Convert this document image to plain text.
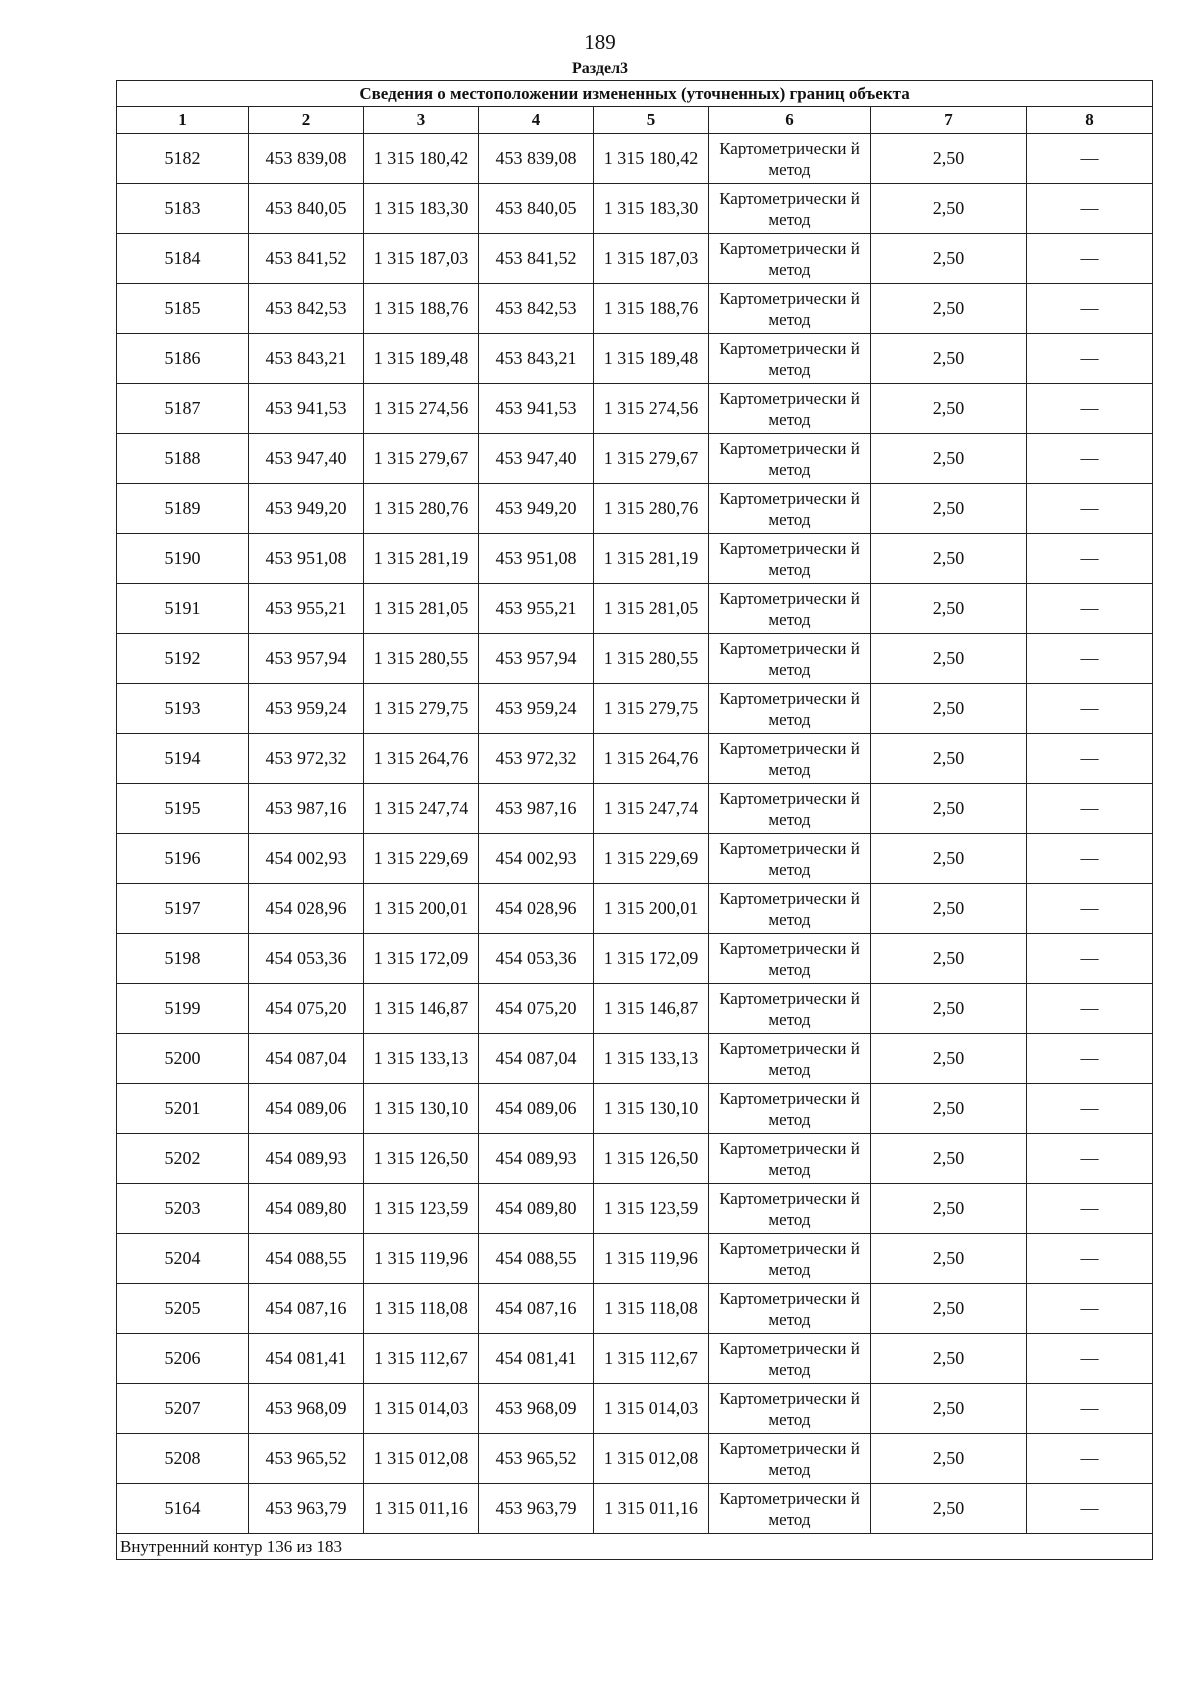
189
Раздел3
Сведения о местоположении измененных (уточненных) границ объекта							
1	2	3	4	5	6	7	8
5182	453 839,08	1 315 180,42	453 839,08	1 315 180,42	Картометрически й метод	2,50	—
5183	453 840,05	1 315 183,30	453 840,05	1 315 183,30	Картометрически й метод	2,50	—
5184	453 841,52	1 315 187,03	453 841,52	1 315 187,03	Картометрически й метод	2,50	—
5185	453 842,53	1 315 188,76	453 842,53	1 315 188,76	Картометрически й метод	2,50	—
5186	453 843,21	1 315 189,48	453 843,21	1 315 189,48	Картометрически й метод	2,50	—
5187	453 941,53	1 315 274,56	453 941,53	1 315 274,56	Картометрически й метод	2,50	—
5188	453 947,40	1 315 279,67	453 947,40	1 315 279,67	Картометрически й метод	2,50	—
5189	453 949,20	1 315 280,76	453 949,20	1 315 280,76	Картометрически й метод	2,50	—
5190	453 951,08	1 315 281,19	453 951,08	1 315 281,19	Картометрически й метод	2,50	—
5191	453 955,21	1 315 281,05	453 955,21	1 315 281,05	Картометрически й метод	2,50	—
5192	453 957,94	1 315 280,55	453 957,94	1 315 280,55	Картометрически й метод	2,50	—
5193	453 959,24	1 315 279,75	453 959,24	1 315 279,75	Картометрически й метод	2,50	—
5194	453 972,32	1 315 264,76	453 972,32	1 315 264,76	Картометрически й метод	2,50	—
5195	453 987,16	1 315 247,74	453 987,16	1 315 247,74	Картометрически й метод	2,50	—
5196	454 002,93	1 315 229,69	454 002,93	1 315 229,69	Картометрически й метод	2,50	—
5197	454 028,96	1 315 200,01	454 028,96	1 315 200,01	Картометрически й метод	2,50	—
5198	454 053,36	1 315 172,09	454 053,36	1 315 172,09	Картометрически й метод	2,50	—
5199	454 075,20	1 315 146,87	454 075,20	1 315 146,87	Картометрически й метод	2,50	—
5200	454 087,04	1 315 133,13	454 087,04	1 315 133,13	Картометрически й метод	2,50	—
5201	454 089,06	1 315 130,10	454 089,06	1 315 130,10	Картометрически й метод	2,50	—
5202	454 089,93	1 315 126,50	454 089,93	1 315 126,50	Картометрически й метод	2,50	—
5203	454 089,80	1 315 123,59	454 089,80	1 315 123,59	Картометрически й метод	2,50	—
5204	454 088,55	1 315 119,96	454 088,55	1 315 119,96	Картометрически й метод	2,50	—
5205	454 087,16	1 315 118,08	454 087,16	1 315 118,08	Картометрически й метод	2,50	—
5206	454 081,41	1 315 112,67	454 081,41	1 315 112,67	Картометрически й метод	2,50	—
5207	453 968,09	1 315 014,03	453 968,09	1 315 014,03	Картометрически й метод	2,50	—
5208	453 965,52	1 315 012,08	453 965,52	1 315 012,08	Картометрически й метод	2,50	—
5164	453 963,79	1 315 011,16	453 963,79	1 315 011,16	Картометрически й метод	2,50	—
Внутренний контур 136 из 183							
